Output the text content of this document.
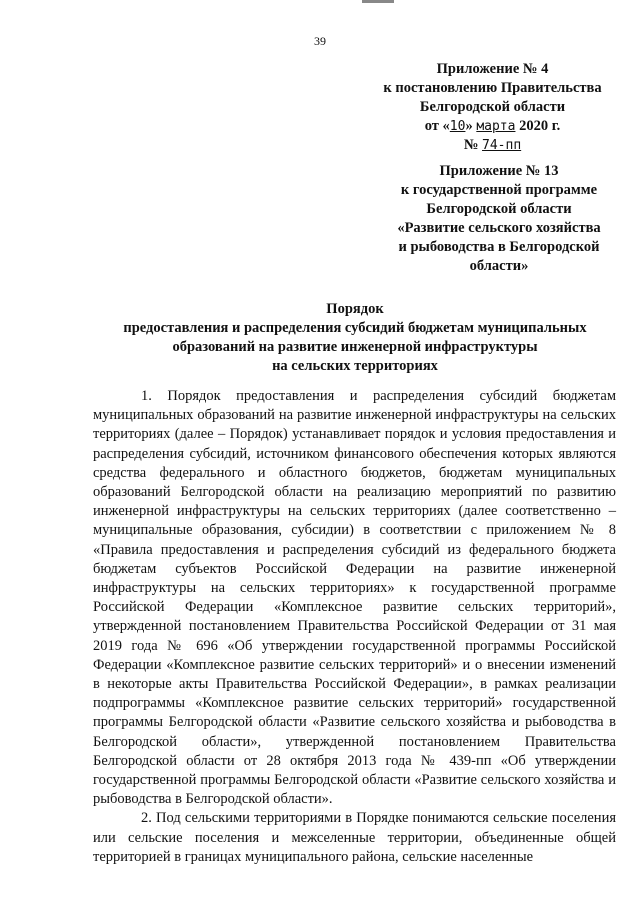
39
Приложение № 4
к постановлению Правительства
Белгородской области
от «10» марта 2020 г.
№ 74-пп
Приложение № 13
к государственной программе
Белгородской области
«Развитие сельского хозяйства
и рыбоводства в Белгородской
области»
Порядок
предоставления и распределения субсидий бюджетам муниципальных
образований на развитие инженерной инфраструктуры
на сельских территориях

1. Порядок предоставления и распределения субсидий бюджетам муниципальных образований на развитие инженерной инфраструктуры на сельских территориях (далее – Порядок) устанавливает порядок и условия предоставления и распределения субсидий, источником финансового обеспечения которых являются средства федерального и областного бюджетов, бюджетам муниципальных образований Белгородской области на реализацию мероприятий по развитию инженерной инфраструктуры на сельских территориях (далее соответственно – муниципальные образования, субсидии) в соответствии с приложением № 8 «Правила предоставления и распределения субсидий из федерального бюджета бюджетам субъектов Российской Федерации на развитие инженерной инфраструктуры на сельских территориях» к государственной программе Российской Федерации «Комплексное развитие сельских территорий», утвержденной постановлением Правительства Российской Федерации от 31 мая 2019 года № 696 «Об утверждении государственной программы Российской Федерации «Комплексное развитие сельских территорий» и о внесении изменений в некоторые акты Правительства Российской Федерации», в рамках реализации подпрограммы «Комплексное развитие сельских территорий» государственной программы Белгородской области «Развитие сельского хозяйства и рыбоводства в Белгородской области», утвержденной постановлением Правительства Белгородской области от 28 октября 2013 года № 439-пп «Об утверждении государственной программы Белгородской области «Развитие сельского хозяйства и рыбоводства в Белгородской области».

2. Под сельскими территориями в Порядке понимаются сельские поселения или сельские поселения и межселенные территории, объединенные общей территорией в границах муниципального района, сельские населенные
